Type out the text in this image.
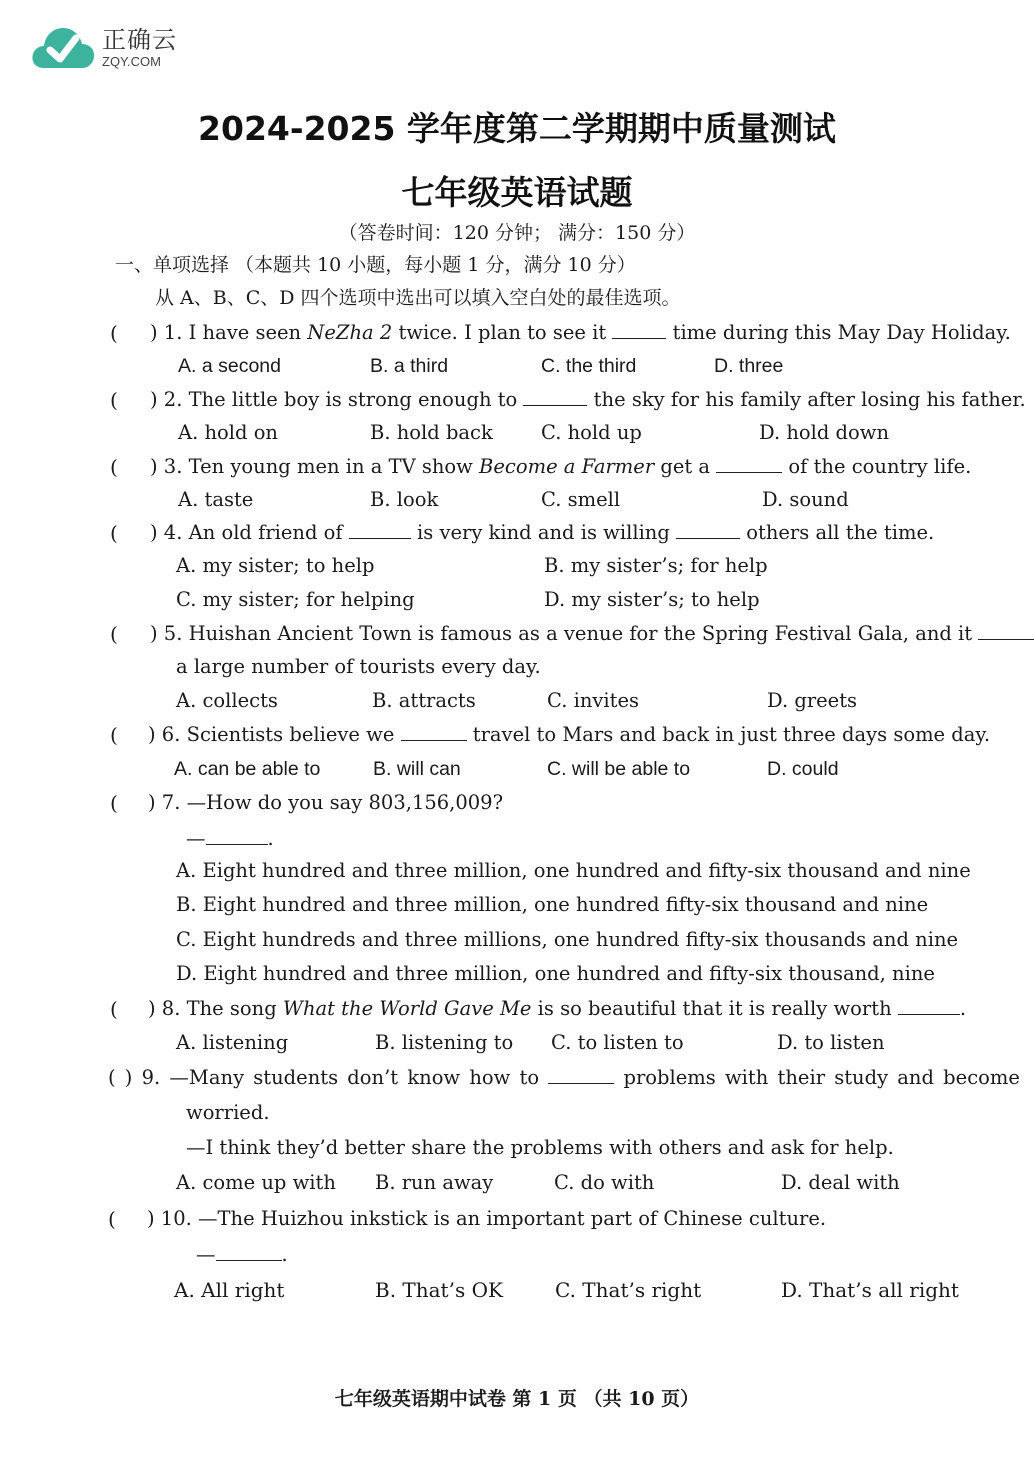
正确云
ZQY.COM
2024-2025 学年度第二学期期中质量测试
七年级英语试题
（答卷时间：120 分钟； 满分：150 分）
一、单项选择 （本题共 10 小题，每小题 1 分，满分 10 分）
从 A、B、C、D 四个选项中选出可以填入空白处的最佳选项。
( ) 1. I have seen NeZha 2 twice. I plan to see it	time during this May Day Holiday.
A. a second	B. a third	C. the third	D. three
( ) 2. The little boy is strong enough to	the sky for his family after losing his father.
A. hold on	B. hold back C. hold up	D. hold down
( ) 3. Ten young men in a TV show Become a Farmer get a	of the country life.
A. taste	B. look	C. smell	D. sound
( ) 4. An old friend of	is very kind and is willing	others all the time.
A. my sister; to help	B. my sister’s; for help
C. my sister; for helping	D. my sister’s; to help
( ) 5. Huishan Ancient Town is famous as a venue for the Spring Festival Gala, and it
a large number of tourists every day.
A. collects	B. attracts	C. invites	D. greets
( ) 6. Scientists believe we	travel to Mars and back in just three days some day.
A. can be able to	B. will can	C. will be able to	D. could
( ) 7. —How do you say 803,156,009?
—	.
A. Eight hundred and three million, one hundred and fifty-six thousand and nine
B. Eight hundred and three million, one hundred fifty-six thousand and nine
C. Eight hundreds and three millions, one hundred fifty-six thousands and nine
D. Eight hundred and three million, one hundred and fifty-six thousand, nine
( ) 8. The song What the World Gave Me is so beautiful that it is really worth	.
A. listening	B. listening to C. to listen to	D. to listen
( ) 9. —Many students don’t know how to	problems with their study and become
worried.
—I think they’d better share the problems with others and ask for help.
A. come up with B. run away	C. do with	D. deal with
( ) 10. —The Huizhou inkstick is an important part of Chinese culture.
—	.
A. All right	B. That’s OK	C. That’s right	D. That’s all right
七年级英语期中试卷 第 1 页 （共 10 页）
